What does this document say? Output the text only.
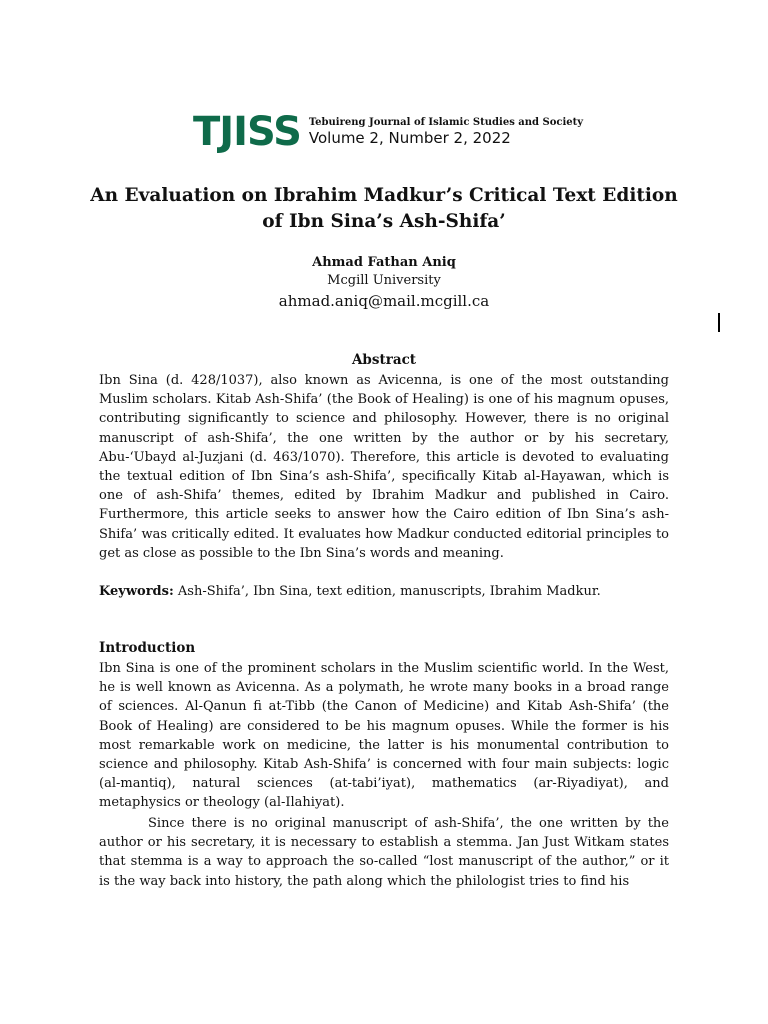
TJISS Tebuireng Journal of Islamic Studies and Society
Volume 2, Number 2, 2022
An Evaluation on Ibrahim Madkur’s Critical Text Edition of Ibn Sina’s Ash-Shifa’
Ahmad Fathan Aniq
Mcgill University
ahmad.aniq@mail.mcgill.ca
Abstract

Ibn Sina (d. 428/1037), also known as Avicenna, is one of the most outstanding Muslim scholars. Kitab Ash-Shifa’ (the Book of Healing) is one of his magnum opuses, contributing significantly to science and philosophy. However, there is no original manuscript of ash-Shifa’, the one written by the author or by his secretary, Abu-‘Ubayd al-Juzjani (d. 463/1070). Therefore, this article is devoted to evaluating the textual edition of Ibn Sina’s ash-Shifa’, specifically Kitab al-Hayawan, which is one of ash-Shifa’ themes, edited by Ibrahim Madkur and published in Cairo. Furthermore, this article seeks to answer how the Cairo edition of Ibn Sina’s ash-Shifa’ was critically edited. It evaluates how Madkur conducted editorial principles to get as close as possible to the Ibn Sina’s words and meaning.

Keywords: Ash-Shifa’, Ibn Sina, text edition, manuscripts, Ibrahim Madkur.

Introduction

Ibn Sina is one of the prominent scholars in the Muslim scientific world. In the West, he is well known as Avicenna. As a polymath, he wrote many books in a broad range of sciences. Al-Qanun fi at-Tibb (the Canon of Medicine) and Kitab Ash-Shifa’ (the Book of Healing) are considered to be his magnum opuses. While the former is his most remarkable work on medicine, the latter is his monumental contribution to science and philosophy. Kitab Ash-Shifa’ is concerned with four main subjects: logic (al-mantiq), natural sciences (at-tabi’iyat), mathematics (ar-Riyadiyat), and metaphysics or theology (al-Ilahiyat).

Since there is no original manuscript of ash-Shifa’, the one written by the author or his secretary, it is necessary to establish a stemma. Jan Just Witkam states that stemma is a way to approach the so-called “lost manuscript of the author,” or it is the way back into history, the path along which the philologist tries to find his
